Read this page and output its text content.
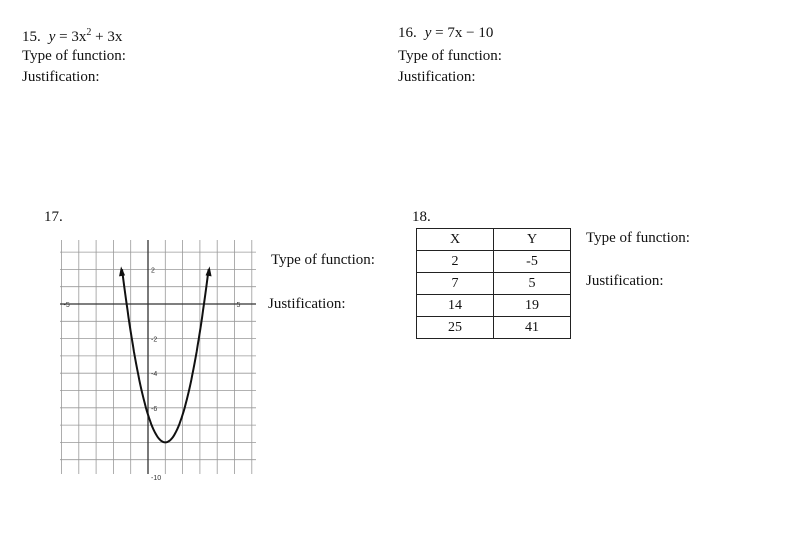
15. $y = 3x^2 + 3x$
Type of function:
Justification:
16. y = 7x − 10
Type of function:
Justification:
17.
-5	5
2
-2
-4
-6
-10
Type of function:
Justification:
18.
X	Y
2	-5
7	5
14	19
25	41
Type of function:
Justification:
